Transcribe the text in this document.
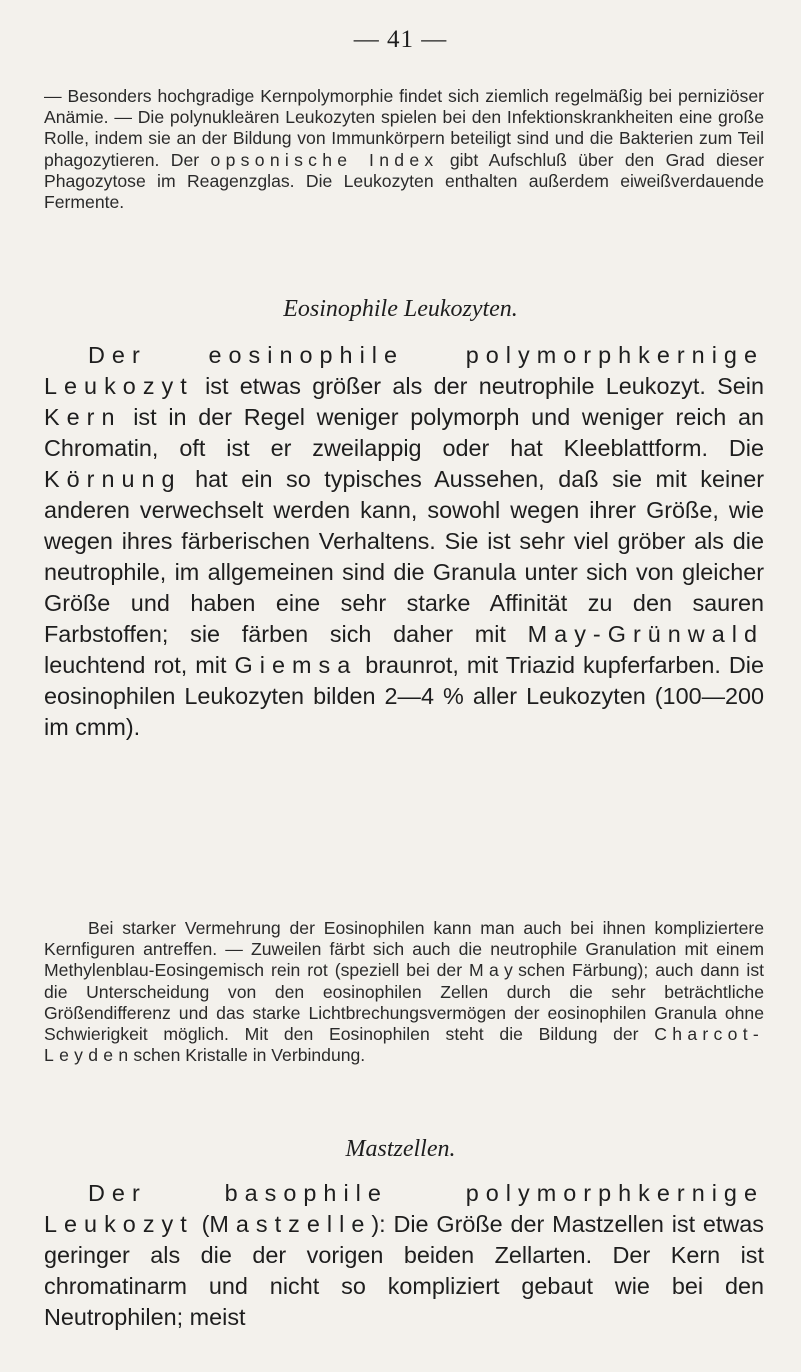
— 41 —
— Besonders hochgradige Kernpolymorphie findet sich ziemlich regelmäßig bei perniziöser Anämie. — Die polynukleären Leukozyten spielen bei den Infektionskrankheiten eine große Rolle, indem sie an der Bildung von Immunkörpern beteiligt sind und die Bakterien zum Teil phagozytieren. Der opsonische Index gibt Aufschluß über den Grad dieser Phagozytose im Reagenzglas. Die Leukozyten enthalten außerdem eiweißverdauende Fermente.
Eosinophile Leukozyten.
Der eosinophile polymorphkernige Leukozyt ist etwas größer als der neutrophile Leukozyt. Sein Kern ist in der Regel weniger polymorph und weniger reich an Chromatin, oft ist er zweilappig oder hat Kleeblattform. Die Körnung hat ein so typisches Aussehen, daß sie mit keiner anderen verwechselt werden kann, sowohl wegen ihrer Größe, wie wegen ihres färberischen Verhaltens. Sie ist sehr viel gröber als die neutrophile, im allgemeinen sind die Granula unter sich von gleicher Größe und haben eine sehr starke Affinität zu den sauren Farbstoffen; sie färben sich daher mit May-Grünwald leuchtend rot, mit Giemsa braunrot, mit Triazid kupferfarben. Die eosinophilen Leukozyten bilden 2—4 % aller Leukozyten (100—200 im cmm).
Bei starker Vermehrung der Eosinophilen kann man auch bei ihnen kompliziertere Kernfiguren antreffen. — Zuweilen färbt sich auch die neutrophile Granulation mit einem Methylenblau-Eosingemisch rein rot (speziell bei der Mayschen Färbung); auch dann ist die Unterscheidung von den eosinophilen Zellen durch die sehr beträchtliche Größendifferenz und das starke Lichtbrechungsvermögen der eosinophilen Granula ohne Schwierigkeit möglich. Mit den Eosinophilen steht die Bildung der Charcot-Leydenschen Kristalle in Verbindung.
Mastzellen.
Der basophile polymorphkernige Leukozyt (Mastzelle): Die Größe der Mastzellen ist etwas geringer als die der vorigen beiden Zellarten. Der Kern ist chromatinarm und nicht so kompliziert gebaut wie bei den Neutrophilen; meist
